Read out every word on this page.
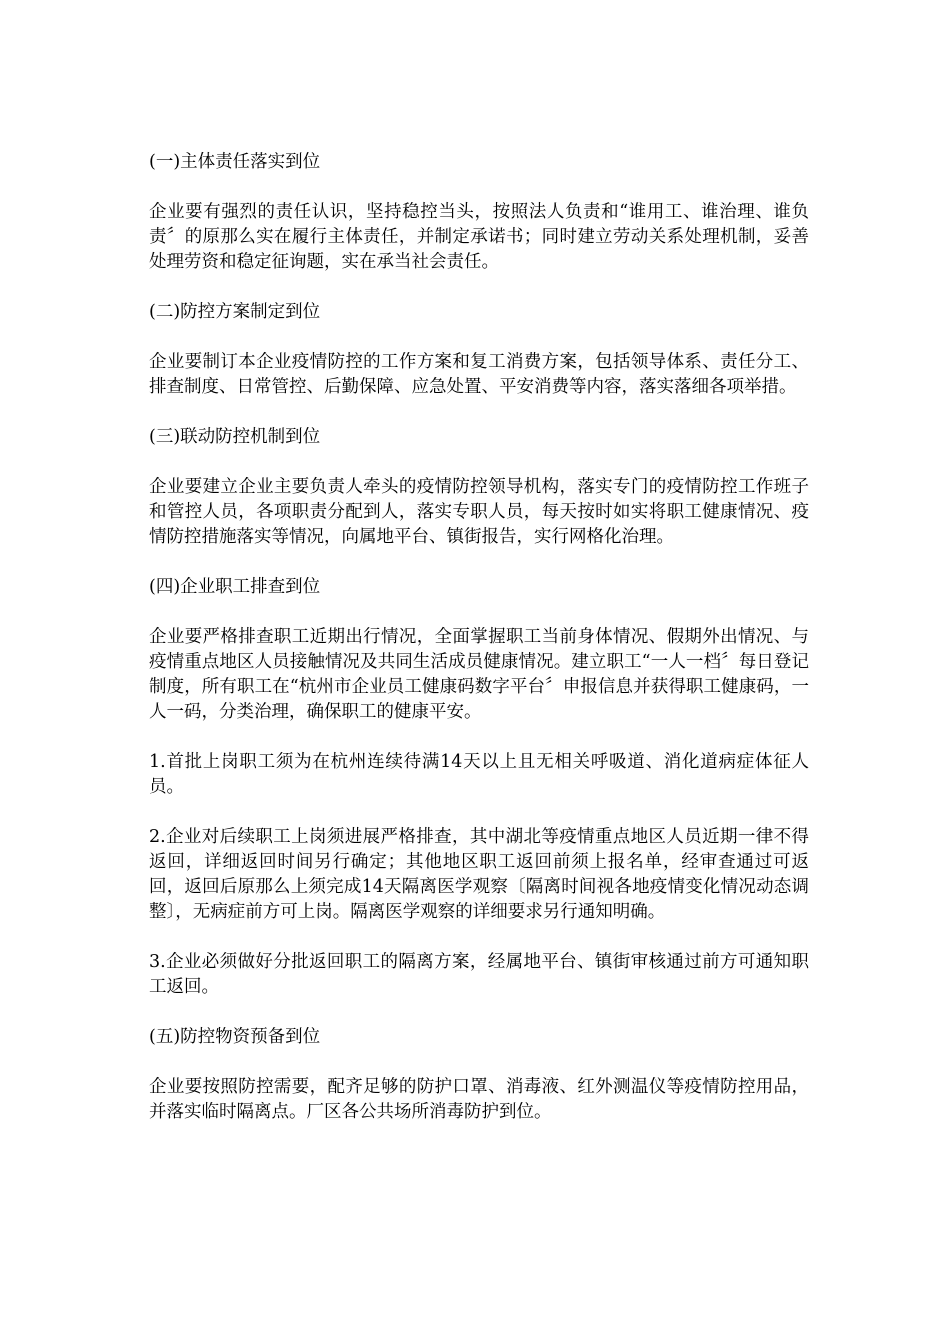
(一)主体责任落实到位
企业要有强烈的责任认识，坚持稳控当头，按照法人负责和“谁用工、谁治理、谁负责〞的原那么实在履行主体责任，并制定承诺书；同时建立劳动关系处理机制，妥善处理劳资和稳定征询题，实在承当社会责任。
(二)防控方案制定到位
企业要制订本企业疫情防控的工作方案和复工消费方案，包括领导体系、责任分工、排查制度、日常管控、后勤保障、应急处置、平安消费等内容，落实落细各项举措。
(三)联动防控机制到位
企业要建立企业主要负责人牵头的疫情防控领导机构，落实专门的疫情防控工作班子和管控人员，各项职责分配到人，落实专职人员，每天按时如实将职工健康情况、疫情防控措施落实等情况，向属地平台、镇街报告，实行网格化治理。
(四)企业职工排查到位
企业要严格排查职工近期出行情况，全面掌握职工当前身体情况、假期外出情况、与疫情重点地区人员接触情况及共同生活成员健康情况。建立职工“一人一档〞每日登记制度，所有职工在“杭州市企业员工健康码数字平台〞申报信息并获得职工健康码，一人一码，分类治理，确保职工的健康平安。
1.首批上岗职工须为在杭州连续待满14天以上且无相关呼吸道、消化道病症体征人员。
2.企业对后续职工上岗须进展严格排查，其中湖北等疫情重点地区人员近期一律不得返回，详细返回时间另行确定；其他地区职工返回前须上报名单，经审查通过可返回，返回后原那么上须完成14天隔离医学观察〔隔离时间视各地疫情变化情况动态调整〕，无病症前方可上岗。隔离医学观察的详细要求另行通知明确。
3.企业必须做好分批返回职工的隔离方案，经属地平台、镇街审核通过前方可通知职工返回。
(五)防控物资预备到位
企业要按照防控需要，配齐足够的防护口罩、消毒液、红外测温仪等疫情防控用品，并落实临时隔离点。厂区各公共场所消毒防护到位。
